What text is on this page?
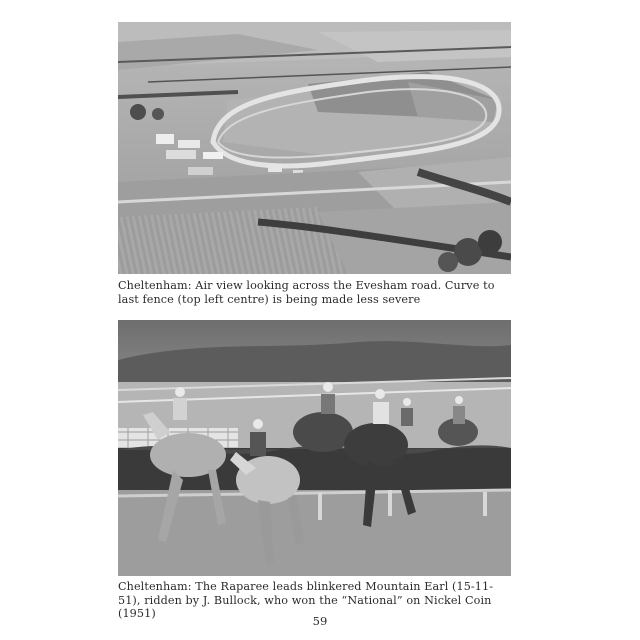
Cheltenham: Air view looking across the Evesham road. Curve to last fence (top left centre) is being made less severe
Cheltenham: The Raparee leads blinkered Mountain Earl (15-11-51), ridden by J. Bullock, who won the “National” on Nickel Coin (1951)
59
